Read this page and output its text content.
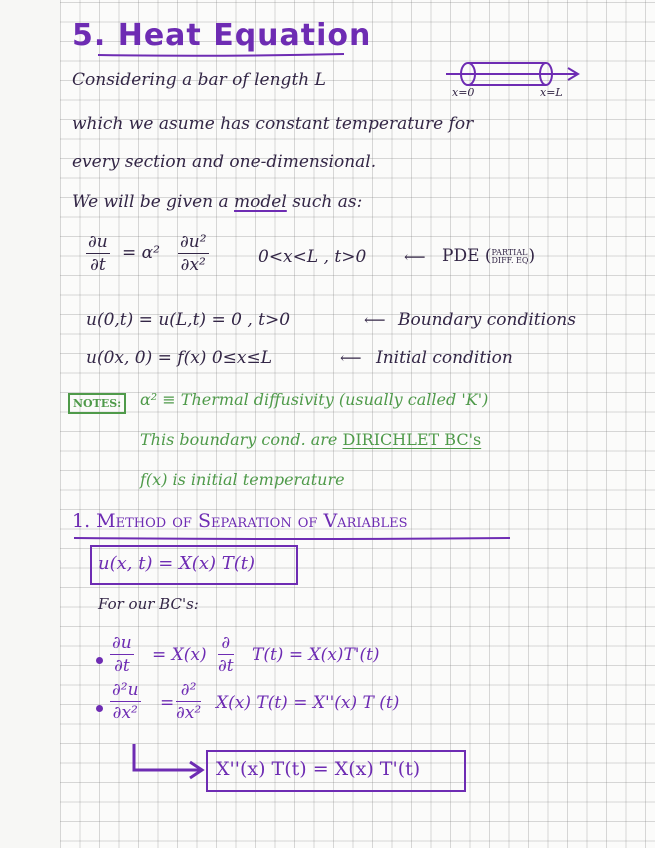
5. Heat Equation
Considering a bar of length L
x=0	x=L
which we asume has constant temperature for
every section and one-dimensional.
We will be given a model such as:
$\frac{\partial u}{\partial t} = \alpha^2 \frac{\text{∂u²}}{\text{∂x²}}$	0<x<L , t>0	⟵ PDE (PARTIAL
DIFF. EQ)
u(0,t) = u(L,t) = 0 , t>0	⟵ Boundary conditions
u(0x, 0) = f(x) 0≤x≤L	⟵ Initial condition
NOTES:	α² ≡ Thermal diffusivity (usually called 'K')
This boundary cond. are DIRICHLET BC's
f(x) is initial temperature
1. Method of Separation of Variables
u(x, t) = X(x) T(t)
For our BC's:
$\frac{\partial u}{\partial t} = X(x)$
∂
∂t
T(t) = X(x)T'(t)
$\frac{\text{∂²u}}{\text{∂x²}}$ =
∂²
∂x² X(x) T(t) = X''(x) T (t)
X''(x) T(t) = X(x) T'(t)
